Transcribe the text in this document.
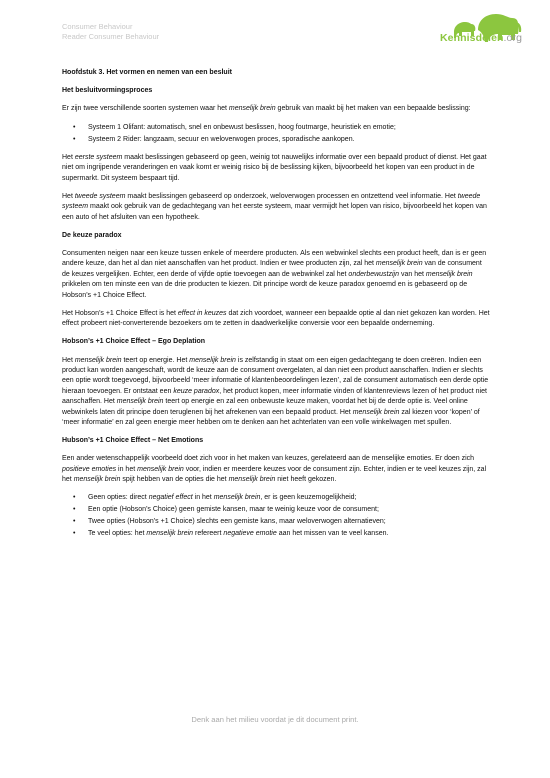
Consumer Behaviour
Reader Consumer Behaviour	Kennisdelen.org
Hoofdstuk 3. Het vormen en nemen van een besluit
Het besluitvormingsproces

Er zijn twee verschillende soorten systemen waar het menselijk brein gebruik van maakt bij het maken van een bepaalde beslissing:

• Systeem 1 Olifant: automatisch, snel en onbewust beslissen, hoog foutmarge, heuristiek en emotie;
• Systeem 2 Rider: langzaam, secuur en weloverwogen proces, sporadische aankopen.

Het eerste systeem maakt beslissingen gebaseerd op geen, weinig tot nauwelijks informatie over een bepaald product of dienst. Het gaat niet om ingrijpende veranderingen en vaak komt er weinig risico bij de beslissing kijken, bijvoorbeeld het kopen van een product in de supermarkt. Dit systeem bespaart tijd.

Het tweede systeem maakt beslissingen gebaseerd op onderzoek, weloverwogen processen en ontzettend veel informatie. Het tweede systeem maakt ook gebruik van de gedachtegang van het eerste systeem, maar vermijdt het lopen van risico, bijvoorbeeld het kopen van een auto of het afsluiten van een hypotheek.

De keuze paradox

Consumenten neigen naar een keuze tussen enkele of meerdere producten. Als een webwinkel slechts een product heeft, dan is er geen andere keuze, dan het al dan niet aanschaffen van het product. Indien er twee producten zijn, zal het menselijk brein van de consument de keuzes vergelijken. Echter, een derde of vijfde optie toevoegen aan de webwinkel zal het onderbewustzijn van het menselijk brein prikkelen om ten minste een van de drie producten te kiezen. Dit principe wordt de keuze paradox genoemd en is gebaseerd op de Hobson’s +1 Choice Effect.

Het Hobson’s +1 Choice Effect is het effect in keuzes dat zich voordoet, wanneer een bepaalde optie al dan niet gekozen kan worden. Het effect probeert niet-converterende bezoekers om te zetten in daadwerkelijke conversie voor een bepaalde onderneming.

Hobson’s +1 Choice Effect – Ego Deplation

Het menselijk brein teert op energie. Het menselijk brein is zelfstandig in staat om een eigen gedachtegang te doen creëren. Indien een product kan worden aangeschaft, wordt de keuze aan de consument overgelaten, al dan niet een product aanschaffen. Indien er slechts een optie wordt toegevoegd, bijvoorbeeld ‘meer informatie of klantenbeoordelingen lezen’, zal de consument automatisch een derde optie hieraan toevoegen. Er ontstaat een keuze paradox, het product kopen, meer informatie vinden of klantenreviews lezen of het product niet aanschaffen. Het menselijk brein teert op energie en zal een onbewuste keuze maken, voordat het bij de derde optie is. Veel online webwinkels laten dit principe doen teruglenen bij het afrekenen van een bepaald product. Het menselijk brein zal kiezen voor ‘kopen’ of ‘meer informatie’ en zal geen energie meer hebben om te denken aan het achterlaten van een volle winkelwagen met spullen.

Hubson’s +1 Choice Effect – Net Emotions

Een ander wetenschappelijk voorbeeld doet zich voor in het maken van keuzes, gerelateerd aan de menselijke emoties. Er doen zich positieve emoties in het menselijk brein voor, indien er meerdere keuzes voor de consument zijn. Echter, indien er te veel keuzes zijn, zal het menselijk brein spijt hebben van de opties die het menselijk brein niet heeft gekozen.

• Geen opties: direct negatief effect in het menselijk brein, er is geen keuzemogelijkheid;
• Een optie (Hobson’s Choice) geen gemiste kansen, maar te weinig keuze voor de consument;
• Twee opties (Hobson’s +1 Choice) slechts een gemiste kans, maar weloverwogen alternatieven;
• Te veel opties: het menselijk brein refereert negatieve emotie aan het missen van te veel kansen.
Denk aan het milieu voordat je dit document print.
